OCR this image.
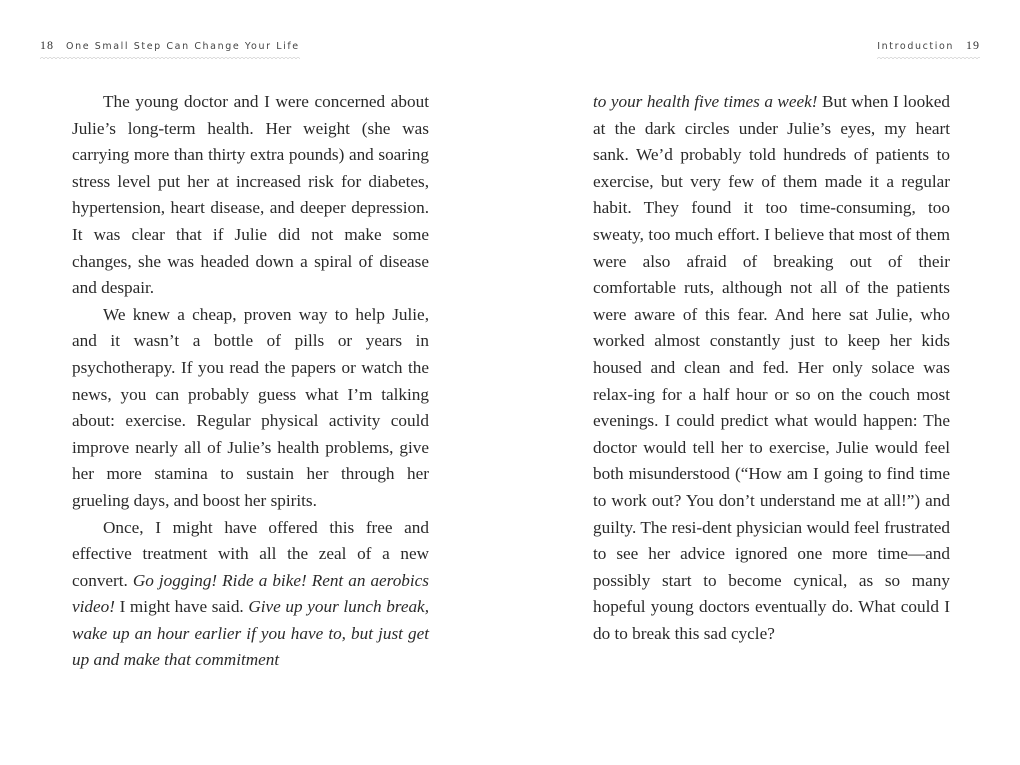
18 One Small Step Can Change Your Life

The young doctor and I were concerned about Julie’s long-term health. Her weight (she was carrying more than thirty extra pounds) and soaring stress level put her at increased risk for diabetes, hypertension, heart disease, and deeper depression. It was clear that if Julie did not make some changes, she was headed down a spiral of disease and despair.

We knew a cheap, proven way to help Julie, and it wasn’t a bottle of pills or years in psychotherapy. If you read the papers or watch the news, you can probably guess what I’m talking about: exercise. Regular physical activity could improve nearly all of Julie’s health problems, give her more stamina to sustain her through her grueling days, and boost her spirits.

Once, I might have offered this free and effective treatment with all the zeal of a new convert. Go jogging! Ride a bike! Rent an aerobics video! I might have said. Give up your lunch break, wake up an hour earlier if you have to, but just get up and make that commitment

Introduction 19

to your health five times a week! But when I looked at the dark circles under Julie’s eyes, my heart sank. We’d probably told hundreds of patients to exercise, but very few of them made it a regular habit. They found it too time-consuming, too sweaty, too much effort. I believe that most of them were also afraid of breaking out of their comfortable ruts, although not all of the patients were aware of this fear. And here sat Julie, who worked almost constantly just to keep her kids housed and clean and fed. Her only solace was relax-ing for a half hour or so on the couch most evenings. I could predict what would happen: The doctor would tell her to exercise, Julie would feel both misunderstood (“How am I going to find time to work out? You don’t understand me at all!”) and guilty. The resi-dent physician would feel frustrated to see her advice ignored one more time—and possibly start to become cynical, as so many hopeful young doctors eventually do. What could I do to break this sad cycle?
